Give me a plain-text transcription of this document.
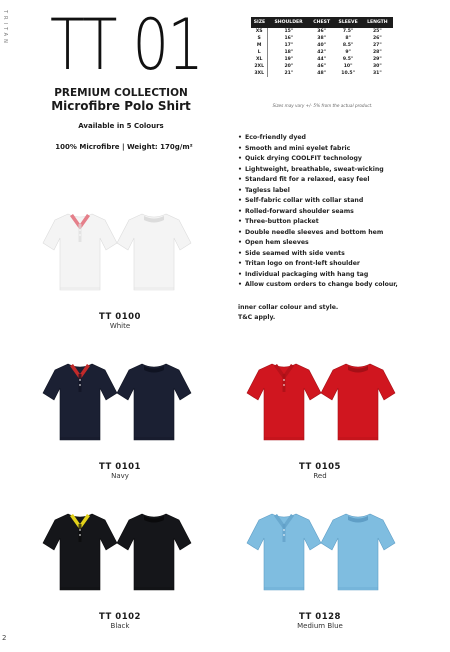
TRITAN TT 01
PREMIUM COLLECTION
Microfibre Polo Shirt
Available in 5 Colours
100% Microfibre | Weight: 170g/m²
SIZE	SHOULDER	CHEST	SLEEVE	LENGTH
XS	15"	36"	7.5"	25"
S	16"	38"	8"	26"
M	17"	40"	8.5"	27"
L	18"	42"	9"	28"
XL	19"	44"	9.5"	29"
2XL	20"	46"	10"	30"
3XL	21"	48"	10.5"	31"
Sizes may vary +/- 5% from the actual product.
• Eco-friendly dyed
• Smooth and mini eyelet fabric
• Quick drying COOLFIT technology
• Lightweight, breathable, sweat-wicking
• Standard fit for a relaxed, easy feel
• Tagless label
• Self-fabric collar with collar stand
• Rolled-forward shoulder seams
• Three-button placket
• Double needle sleeves and bottom hem
• Open hem sleeves
• Side seamed with side vents
• Tritan logo on front-left shoulder
• Individual packaging with hang tag
• Allow custom orders to change body colour,
inner collar colour and style.
T&C apply.
TT 0100
White
TT 0101
Navy
TT 0105
Red
TT 0102
Black
TT 0128
Medium Blue
2
